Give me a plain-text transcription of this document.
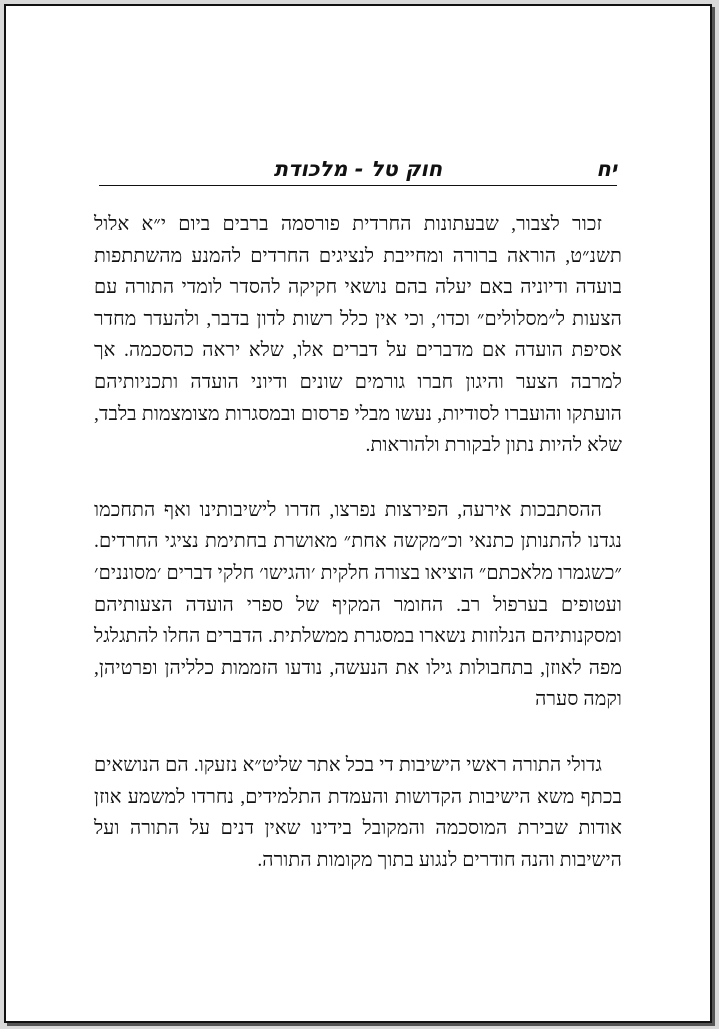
יח
חוק טל - מלכודת

זכור לצבור, שבעתונות החרדית פורסמה ברבים ביום י״א אלול תשנ״ט, הוראה ברורה ומחייבת לנציגים החרדים להמנע מהשתתפות בועדה ודיוניה באם יעלה בהם נושאי חקיקה להסדר לומדי התורה עם הצעות ל״מסלולים״ וכדו׳, וכי אין כלל רשות לדון בדבר, ולהעדר מחדר אסיפת הועדה אם מדברים על דברים אלו, שלא יראה כהסכמה. אך למרבה הצער והיגון חברו גורמים שונים ודיוני הועדה ותכניותיהם הועתקו והועברו לסודיות, נעשו מבלי פרסום ובמסגרות מצומצמות בלבד, שלא להיות נתון לבקורת ולהוראות.

ההסתבכות אירעה, הפירצות נפרצו, חדרו לישיבותינו ואף התחכמו נגדנו להתנותן כתנאי וכ״מקשה אחת״ מאושרת בחתימת נציגי החרדים. ״כשגמרו מלאכתם״ הוציאו בצורה חלקית ׳והגישו׳ חלקי דברים ׳מסוננים׳ ועטופים בערפול רב. החומר המקיף של ספרי הועדה הצעותיהם ומסקנותיהם הנלוזות נשארו במסגרת ממשלתית. הדברים החלו להתגלגל מפה לאוזן, בתחבולות גילו את הנעשה, נודעו הזממות כלליהן ופרטיהן, וקמה סערה

גדולי התורה ראשי הישיבות די בכל אתר שליט״א נזעקו. הם הנושאים בכתף משא הישיבות הקדושות והעמדת התלמידים, נחרדו למשמע אוזן אודות שבירת המוסכמה והמקובל בידינו שאין דנים על התורה ועל הישיבות והנה חודרים לנגוע בתוך מקומות התורה.
